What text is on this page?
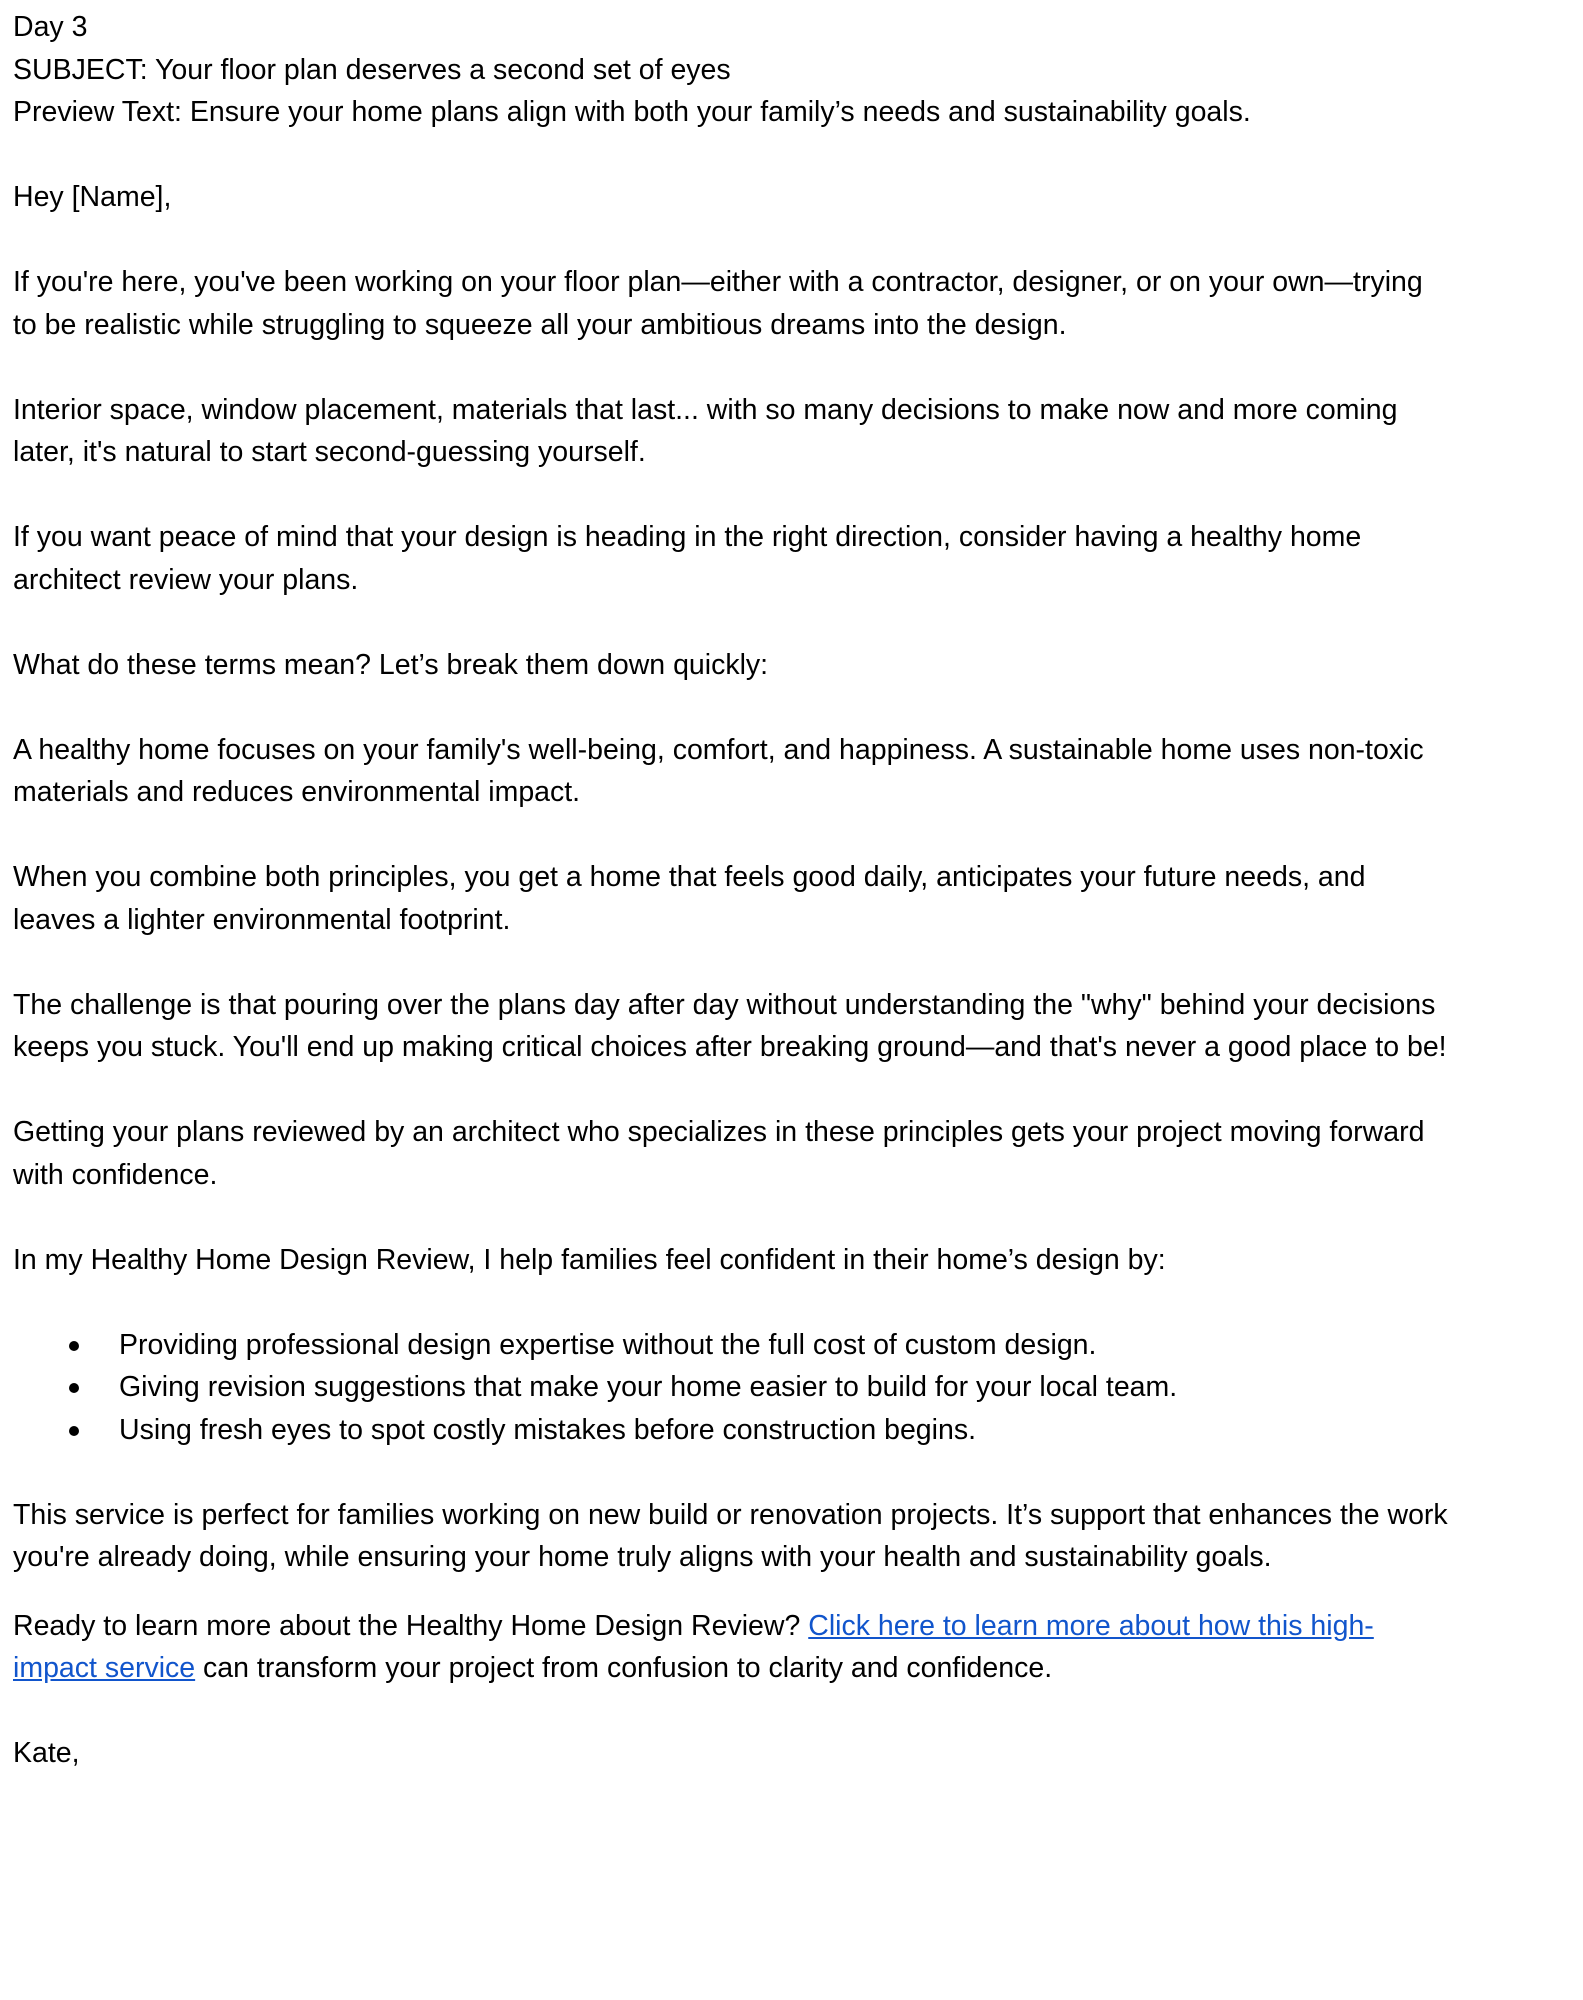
Day 3

SUBJECT: Your floor plan deserves a second set of eyes

Preview Text: Ensure your home plans align with both your family’s needs and sustainability goals.

Hey [Name],

If you're here, you've been working on your floor plan—either with a contractor, designer, or on your own—trying to be realistic while struggling to squeeze all your ambitious dreams into the design.

Interior space, window placement, materials that last... with so many decisions to make now and more coming later, it's natural to start second-guessing yourself.

If you want peace of mind that your design is heading in the right direction, consider having a healthy home architect review your plans.

What do these terms mean? Let’s break them down quickly:

A healthy home focuses on your family's well-being, comfort, and happiness. A sustainable home uses non-toxic materials and reduces environmental impact.

When you combine both principles, you get a home that feels good daily, anticipates your future needs, and leaves a lighter environmental footprint.

The challenge is that pouring over the plans day after day without understanding the "why" behind your decisions keeps you stuck. You'll end up making critical choices after breaking ground—and that's never a good place to be!

Getting your plans reviewed by an architect who specializes in these principles gets your project moving forward with confidence.

In my Healthy Home Design Review, I help families feel confident in their home’s design by:

Providing professional design expertise without the full cost of custom design.
Giving revision suggestions that make your home easier to build for your local team.
Using fresh eyes to spot costly mistakes before construction begins.

This service is perfect for families working on new build or renovation projects. It’s support that enhances the work you're already doing, while ensuring your home truly aligns with your health and sustainability goals.

Ready to learn more about the Healthy Home Design Review? Click here to learn more about how this high-impact service can transform your project from confusion to clarity and confidence.

Kate,
